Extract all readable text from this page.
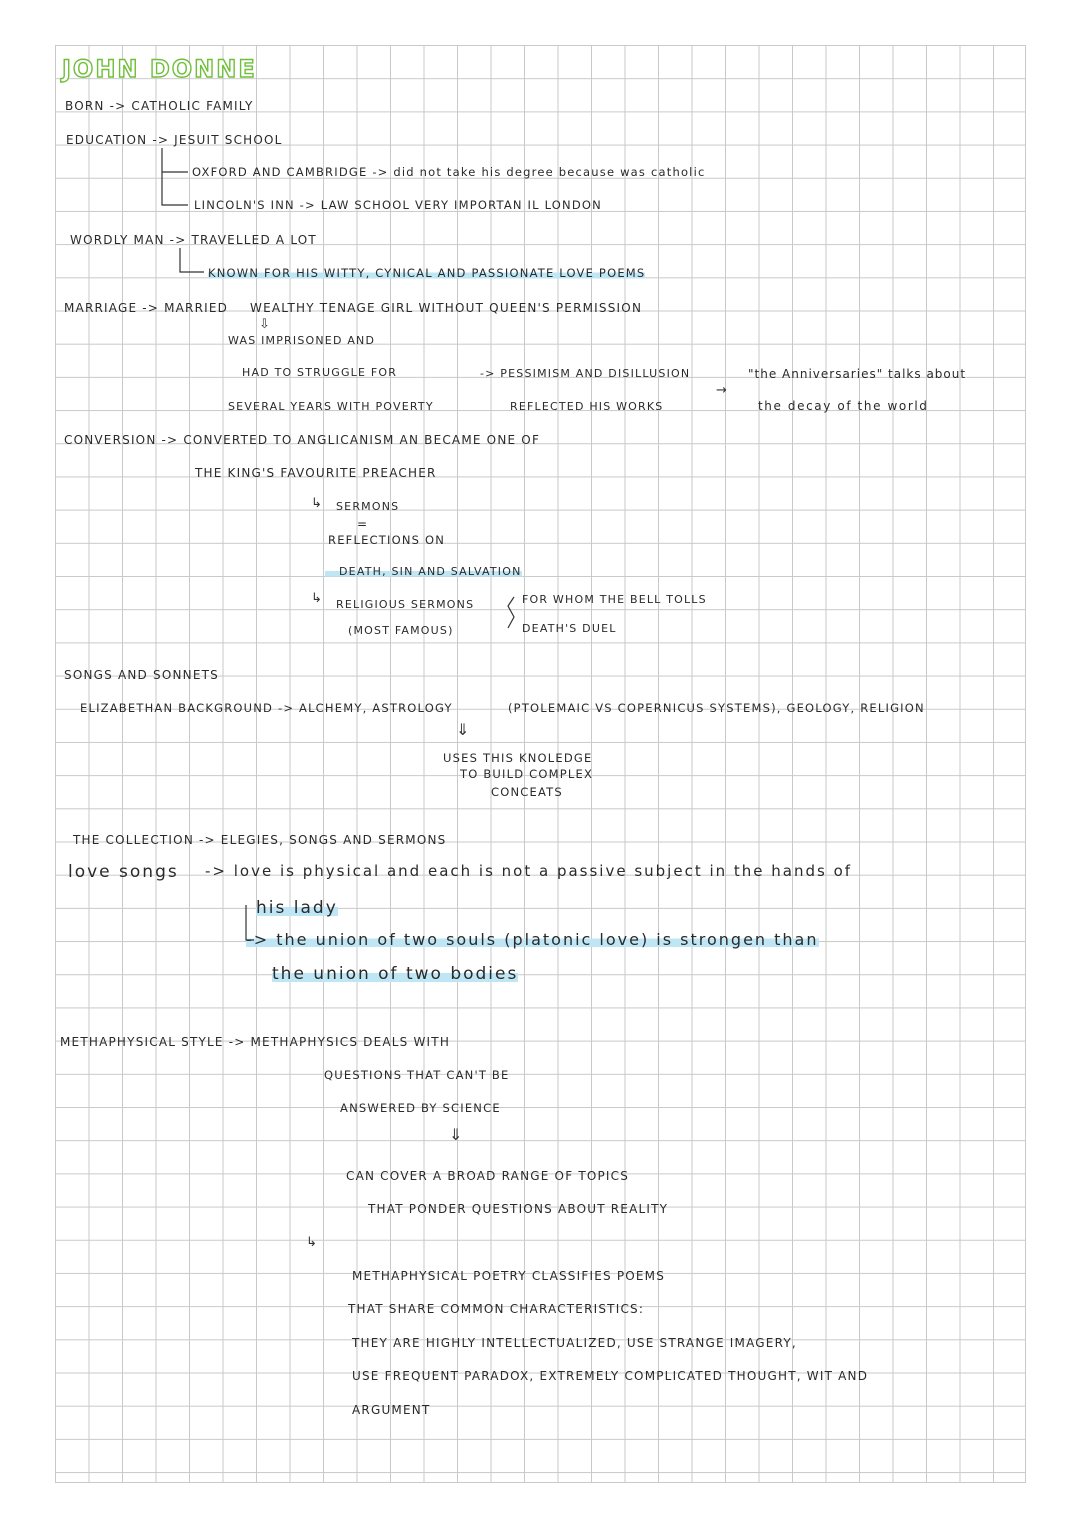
JOHN DONNE
BORN -> CATHOLIC FAMILY
EDUCATION -> JESUIT SCHOOL
OXFORD AND CAMBRIDGE -> did not take his degree because was catholic
LINCOLN'S INN -> LAW SCHOOL VERY IMPORTAN IL LONDON
WORDLY MAN -> TRAVELLED A LOT
KNOWN FOR HIS WITTY, CYNICAL AND PASSIONATE LOVE POEMS
MARRIAGE -> MARRIED WEALTHY TENAGE GIRL WITHOUT QUEEN'S PERMISSION
⇩
WAS IMPRISONED AND
HAD TO STRUGGLE FOR
SEVERAL YEARS WITH POVERTY
-> PESSIMISM AND DISILLUSION
REFLECTED HIS WORKS
→
"the Anniversaries" talks about
the decay of the world
CONVERSION -> CONVERTED TO ANGLICANISM AN BECAME ONE OF
THE KING'S FAVOURITE PREACHER
↳ SERMONS
=
REFLECTIONS ON
DEATH, SIN AND SALVATION
↳ RELIGIOUS SERMONS
(MOST FAMOUS)
FOR WHOM THE BELL TOLLS
DEATH'S DUEL
SONGS AND SONNETS
ELIZABETHAN BACKGROUND -> ALCHEMY, ASTROLOGY	(PTOLEMAIC VS COPERNICUS SYSTEMS), GEOLOGY, RELIGION
⇓
USES THIS KNOLEDGE
TO BUILD COMPLEX
CONCEATS
THE COLLECTION -> ELEGIES, SONGS AND SERMONS
love songs -> love is physical and each is not a passive subject in the hands of
his lady
-> the union of two souls (platonic love) is strongen than
the union of two bodies
METHAPHYSICAL STYLE -> METHAPHYSICS DEALS WITH
QUESTIONS THAT CAN'T BE
ANSWERED BY SCIENCE
⇓
CAN COVER A BROAD RANGE OF TOPICS
THAT PONDER QUESTIONS ABOUT REALITY
↳
METHAPHYSICAL POETRY CLASSIFIES POEMS
THAT SHARE COMMON CHARACTERISTICS:
THEY ARE HIGHLY INTELLECTUALIZED, USE STRANGE IMAGERY,
USE FREQUENT PARADOX, EXTREMELY COMPLICATED THOUGHT, WIT AND
ARGUMENT
